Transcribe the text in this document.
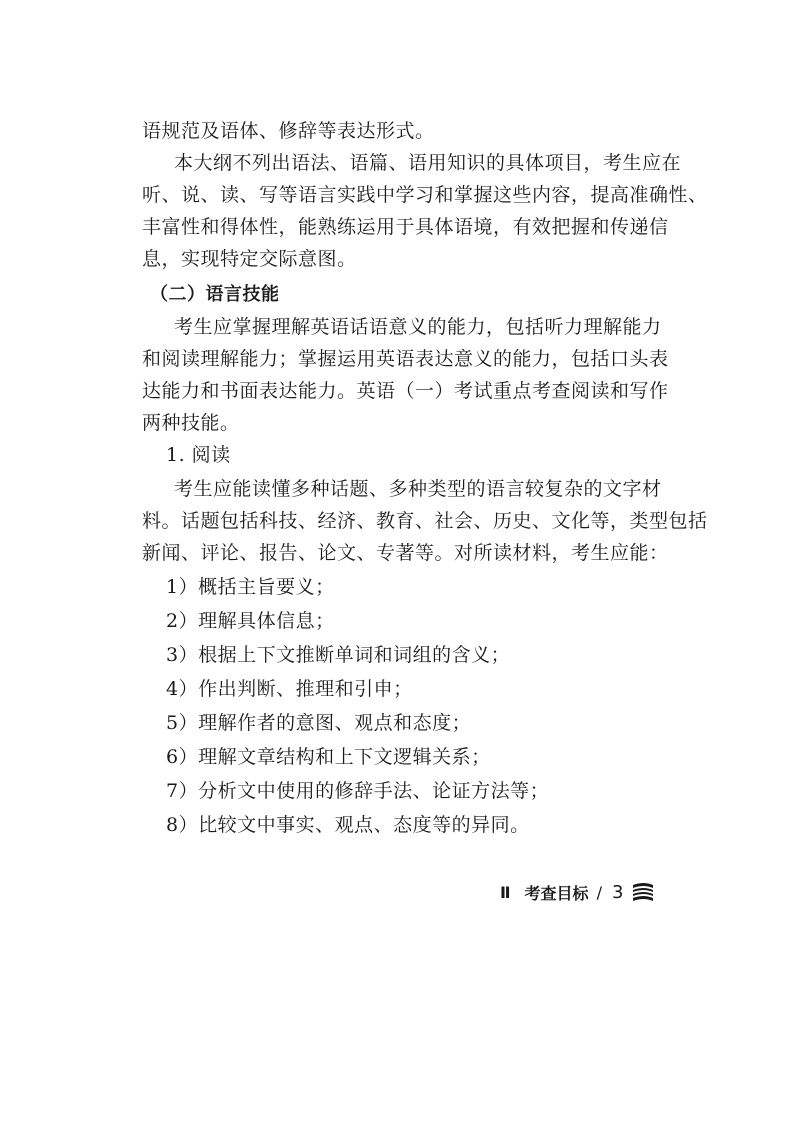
语规范及语体、修辞等表达形式。
本大纲不列出语法、语篇、语用知识的具体项目，考生应在
听、说、读、写等语言实践中学习和掌握这些内容，提高准确性、
丰富性和得体性，能熟练运用于具体语境，有效把握和传递信
息，实现特定交际意图。
（二）语言技能
考生应掌握理解英语话语意义的能力，包括听力理解能力
和阅读理解能力；掌握运用英语表达意义的能力，包括口头表
达能力和书面表达能力。英语（一）考试重点考查阅读和写作
两种技能。
1. 阅读
考生应能读懂多种话题、多种类型的语言较复杂的文字材
料。话题包括科技、经济、教育、社会、历史、文化等，类型包括
新闻、评论、报告、论文、专著等。对所读材料，考生应能：
1）概括主旨要义；
2）理解具体信息；
3）根据上下文推断单词和词组的含义；
4）作出判断、推理和引申；
5）理解作者的意图、观点和态度；
6）理解文章结构和上下文逻辑关系；
7）分析文中使用的修辞手法、论证方法等；
8）比较文中事实、观点、态度等的异同。
Ⅱ 考查目标 / 3
